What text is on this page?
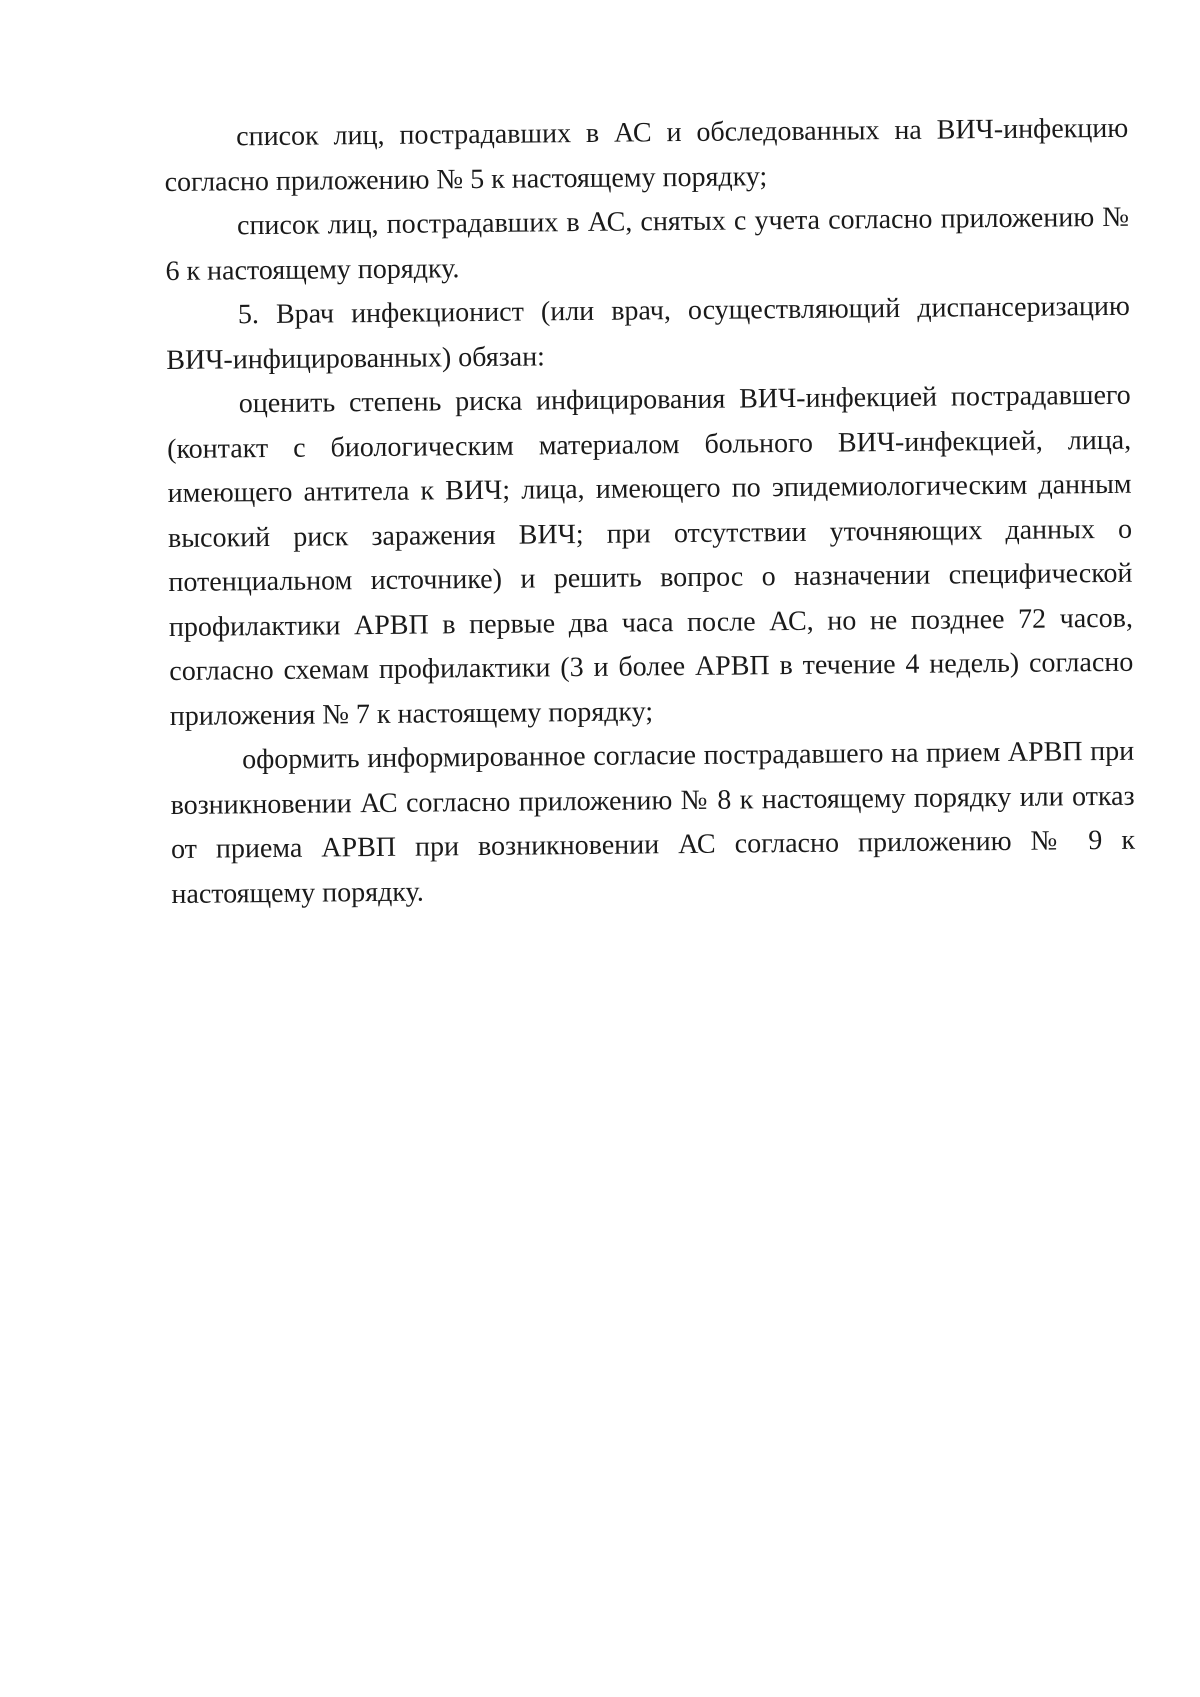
список лиц, пострадавших в АС и обследованных на ВИЧ-инфекцию согласно приложению № 5 к настоящему порядку;

список лиц, пострадавших в АС, снятых с учета согласно приложению № 6 к настоящему порядку.

5. Врач инфекционист (или врач, осуществляющий диспансеризацию ВИЧ-инфицированных) обязан:

оценить степень риска инфицирования ВИЧ-инфекцией пострадавшего (контакт с биологическим материалом больного ВИЧ-инфекцией, лица, имеющего антитела к ВИЧ; лица, имеющего по эпидемиологическим данным высокий риск заражения ВИЧ; при отсутствии уточняющих данных о потенциальном источнике) и решить вопрос о назначении специфической профилактики АРВП в первые два часа после АС, но не позднее 72 часов, согласно схемам профилактики (3 и более АРВП в течение 4 недель) согласно приложения № 7 к настоящему порядку;

оформить информированное согласие пострадавшего на прием АРВП при возникновении АС согласно приложению № 8 к настоящему порядку или отказ от приема АРВП при возникновении АС согласно приложению № 9 к настоящему порядку.
